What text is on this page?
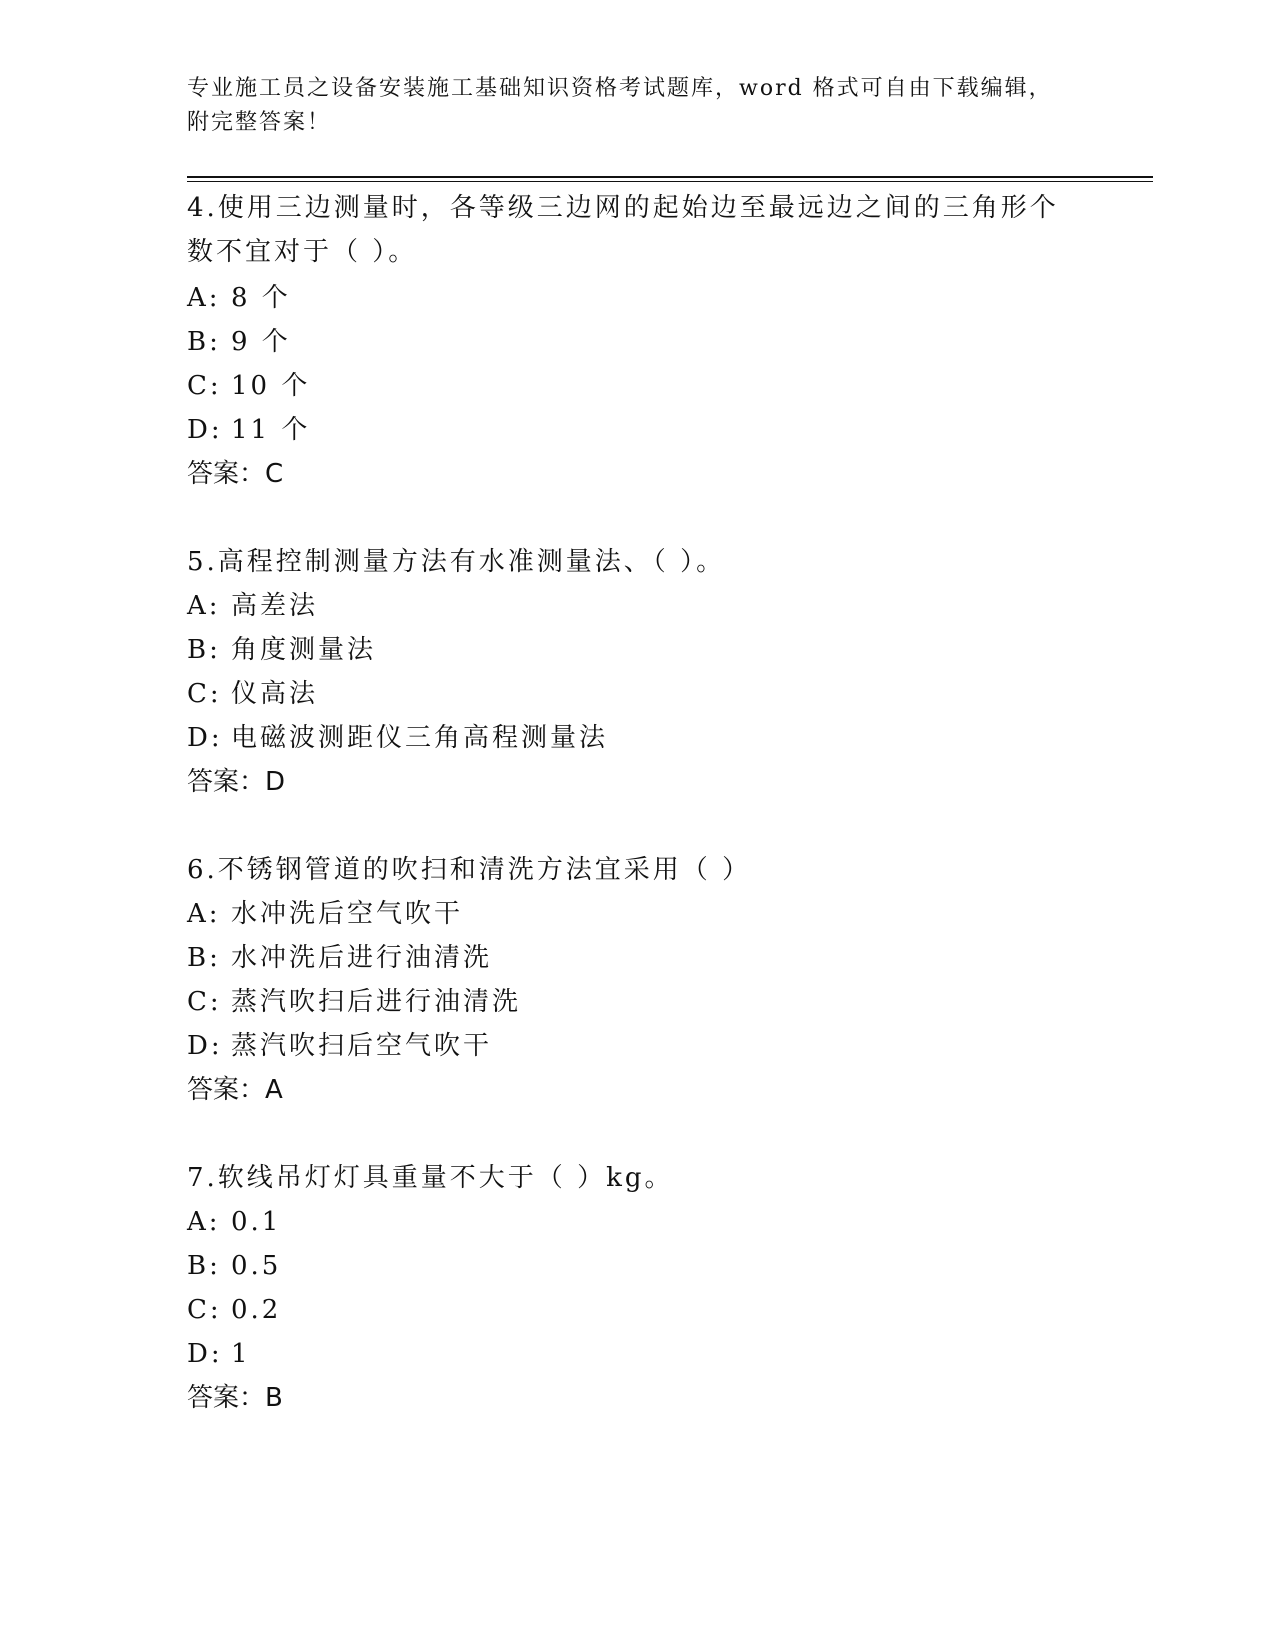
专业施工员之设备安装施工基础知识资格考试题库，word 格式可自由下载编辑，
附完整答案！
4.使用三边测量时，各等级三边网的起始边至最远边之间的三角形个
数不宜对于（ ）。
A: 8 个
B: 9 个
C: 10 个
D: 11 个
答案：C
5.高程控制测量方法有水准测量法、（ ）。
A: 高差法
B: 角度测量法
C: 仪高法
D: 电磁波测距仪三角高程测量法
答案：D
6.不锈钢管道的吹扫和清洗方法宜采用（ ）
A: 水冲洗后空气吹干
B: 水冲洗后进行油清洗
C: 蒸汽吹扫后进行油清洗
D: 蒸汽吹扫后空气吹干
答案：A
7.软线吊灯灯具重量不大于（ ）kg。
A: 0.1
B: 0.5
C: 0.2
D: 1
答案：B
